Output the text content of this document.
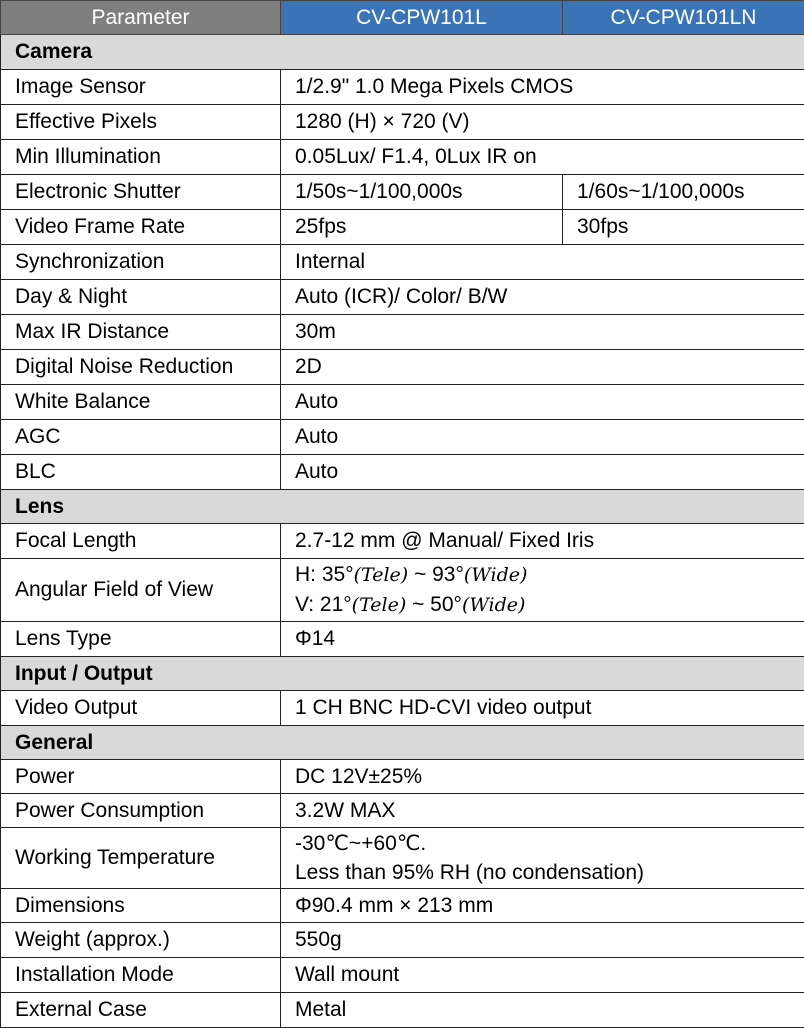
Parameter	CV-CPW101L	CV-CPW101LN
Camera		
Image Sensor	1/2.9" 1.0 Mega Pixels CMOS	
Effective Pixels	1280 (H) × 720 (V)	
Min Illumination	0.05Lux/ F1.4, 0Lux IR on	
Electronic Shutter	1/50s~1/100,000s	1/60s~1/100,000s
Video Frame Rate	25fps	30fps
Synchronization	Internal	
Day & Night	Auto (ICR)/ Color/ B/W	
Max IR Distance	30m	
Digital Noise Reduction	2D	
White Balance	Auto	
AGC	Auto	
BLC	Auto	
Lens		
Focal Length	2.7-12 mm @ Manual/ Fixed Iris	
Angular Field of View	H: 35°(Tele) ~ 93°(Wide)
V: 21°(Tele) ~ 50°(Wide)	

Lens Type	Φ14	
Input / Output		
Video Output	1 CH BNC HD-CVI video output	
General		
Power	DC 12V±25%	
Power Consumption	3.2W MAX	
Working Temperature	-30℃~+60℃.
Less than 95% RH (no condensation)	

Dimensions	Φ90.4 mm × 213 mm	
Weight (approx.)	550g	
Installation Mode	Wall mount	
External Case	Metal	
